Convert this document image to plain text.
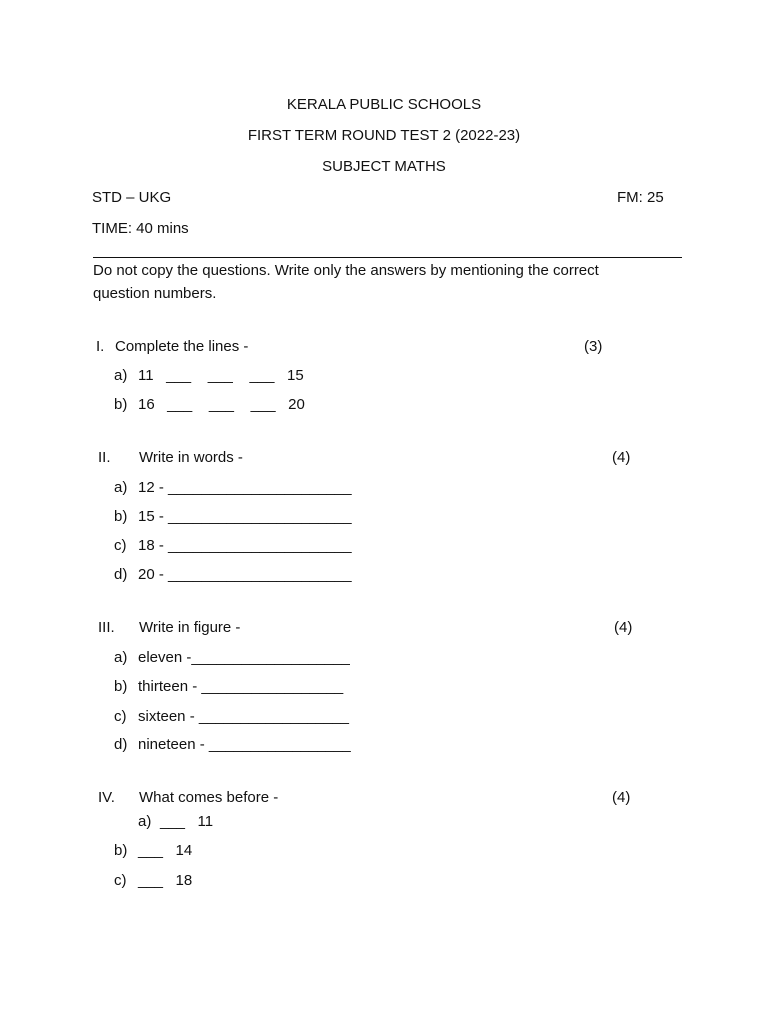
KERALA PUBLIC SCHOOLS
FIRST TERM ROUND TEST 2 (2022-23)
SUBJECT MATHS
STD – UKG	FM: 25
TIME: 40 mins
Do not copy the questions. Write only the answers by mentioning the correct
question numbers.
I. Complete the lines -	(3)
a) 11   ___    ___    ___   15
b) 16   ___    ___    ___   20
II. Write in words -	(4)
a) 12 - ______________________
b) 15 - ______________________
c) 18 - ______________________
d) 20 - ______________________
III. Write in figure -	(4)
a) eleven -___________________
b) thirteen - _________________
c) sixteen - __________________
d) nineteen - _________________
IV. What comes before -	(4)
a) ___   11
b) ___   14
c) ___   18
